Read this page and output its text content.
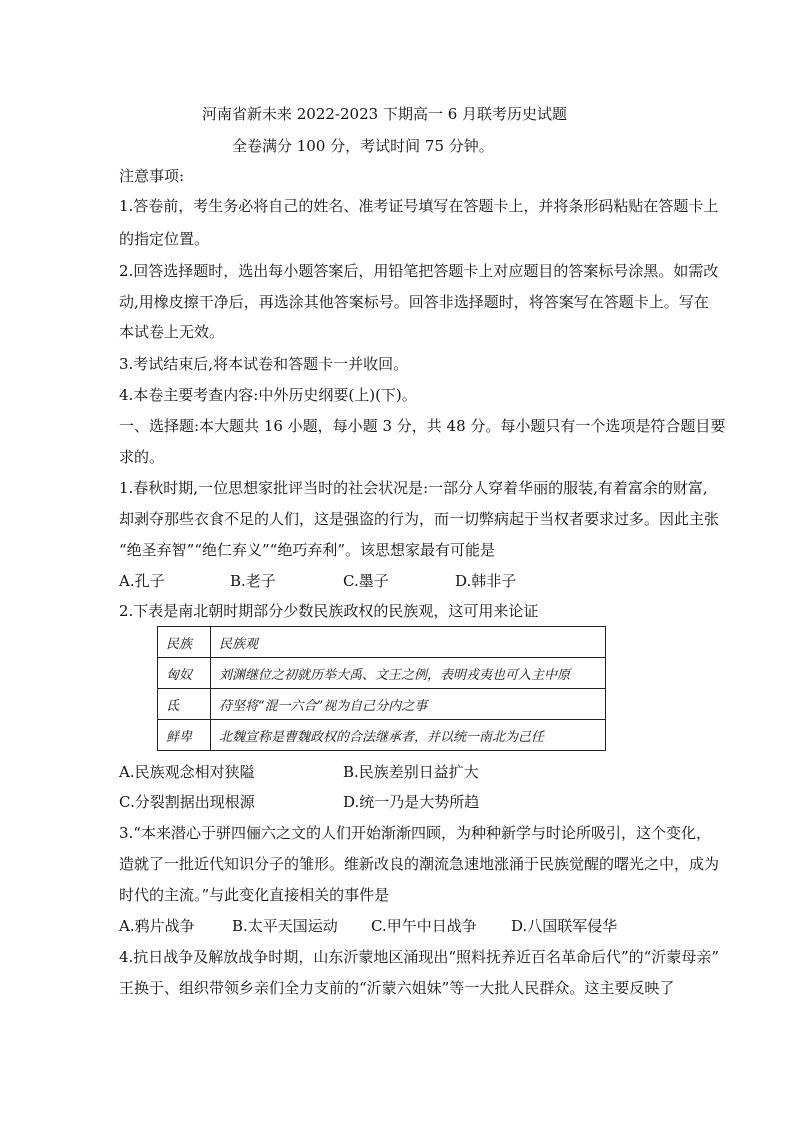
河南省新未来 2022-2023 下期高一 6 月联考历史试题
全卷满分 100 分，考试时间 75 分钟。
注意事项:
1.答卷前，考生务必将自己的姓名、准考证号填写在答题卡上，并将条形码粘贴在答题卡上
的指定位置。
2.回答选择题时，选出每小题答案后，用铅笔把答题卡上对应题目的答案标号涂黑。如需改
动,用橡皮擦干净后，再选涂其他答案标号。回答非选择题时，将答案写在答题卡上。写在
本试卷上无效。
3.考试结束后,将本试卷和答题卡一并收回。
4.本卷主要考查内容:中外历史纲要(上)(下)。
一、选择题:本大题共 16 小题，每小题 3 分，共 48 分。每小题只有一个选项是符合题目要
求的。
1.春秋时期,一位思想家批评当时的社会状况是:一部分人穿着华丽的服装,有着富余的财富,
却剥夺那些衣食不足的人们，这是强盗的行为，而一切弊病起于当权者要求过多。因此主张
“绝圣弃智”“绝仁弃义”“绝巧弃利”。该思想家最有可能是
A.孔子	B.老子	C.墨子	D.韩非子
2.下表是南北朝时期部分少数民族政权的民族观，这可用来论证
民族	民族观
匈奴	刘渊继位之初就历举大禹、文王之例，表明戎夷也可入主中原
氐	苻坚将“混一六合”视为自己分内之事
鲜卑	北魏宣称是曹魏政权的合法继承者，并以统一南北为己任
A.民族观念相对狭隘	B.民族差别日益扩大
C.分裂割据出现根源	D.统一乃是大势所趋
3.“本来潜心于骈四俪六之文的人们开始渐渐四顾，为种种新学与时论所吸引，这个变化，
造就了一批近代知识分子的雏形。维新改良的潮流急速地涨涌于民族觉醒的曙光之中，成为
时代的主流。”与此变化直接相关的事件是
A.鸦片战争 B.太平天国运动 C.甲午中日战争 D.八国联军侵华
4.抗日战争及解放战争时期，山东沂蒙地区涌现出“照料抚养近百名革命后代”的“沂蒙母亲”
王换于、组织带领乡亲们全力支前的“沂蒙六姐妹”等一大批人民群众。这主要反映了
